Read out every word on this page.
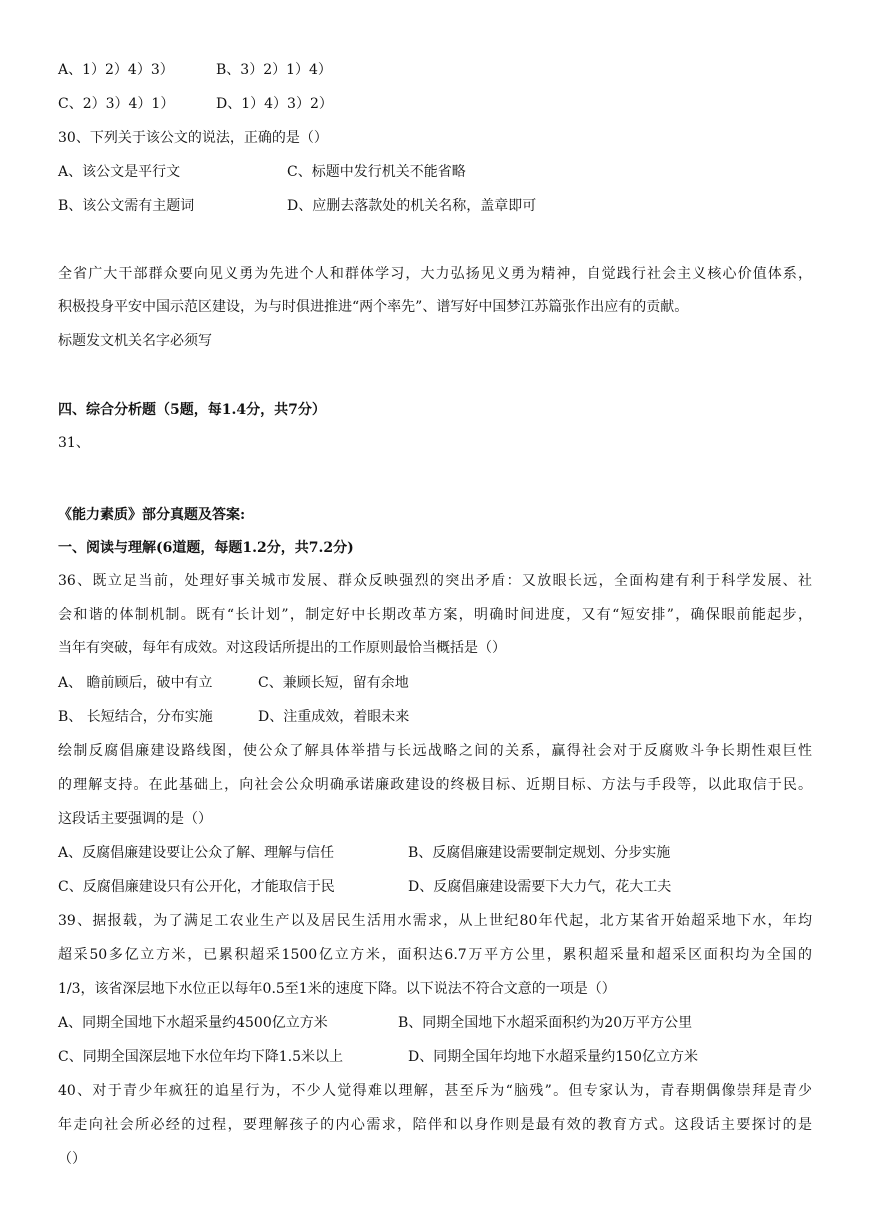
A、1）2）4）3）	B、3）2）1）4）
C、2）3）4）1）	D、1）4）3）2）
30、下列关于该公文的说法，正确的是（）
A、该公文是平行文	C、标题中发行机关不能省略
B、该公文需有主题词	D、应删去落款处的机关名称，盖章即可
全省广大干部群众要向见义勇为先进个人和群体学习，大力弘扬见义勇为精神，自觉践行社会主义核心价值体系，
积极投身平安中国示范区建设，为与时俱进推进“两个率先”、谱写好中国梦江苏篇张作出应有的贡献。
标题发文机关名字必须写
四、综合分析题（5题，每1.4分，共7分）
31、
《能力素质》部分真题及答案:
一、阅读与理解(6道题，每题1.2分，共7.2分)
36、既立足当前，处理好事关城市发展、群众反映强烈的突出矛盾：又放眼长远，全面构建有利于科学发展、社
会和谐的体制机制。既有“长计划”，制定好中长期改革方案，明确时间进度，又有“短安排”，确保眼前能起步，
当年有突破，每年有成效。对这段话所提出的工作原则最恰当概括是（）
A、 瞻前顾后，破中有立	C、兼顾长短，留有余地
B、 长短结合，分布实施	D、注重成效，着眼未来
绘制反腐倡廉建设路线图，使公众了解具体举措与长远战略之间的关系，赢得社会对于反腐败斗争长期性艰巨性
的理解支持。在此基础上，向社会公众明确承诺廉政建设的终极目标、近期目标、方法与手段等，以此取信于民。
这段话主要强调的是（）
A、反腐倡廉建设要让公众了解、理解与信任	B、反腐倡廉建设需要制定规划、分步实施
C、反腐倡廉建设只有公开化，才能取信于民	D、反腐倡廉建设需要下大力气，花大工夫
39、据报载，为了满足工农业生产以及居民生活用水需求，从上世纪80年代起，北方某省开始超采地下水，年均
超采50多亿立方米，已累积超采1500亿立方米，面积达6.7万平方公里，累积超采量和超采区面积均为全国的
1/3，该省深层地下水位正以每年0.5至1米的速度下降。以下说法不符合文意的一项是（）
A、同期全国地下水超采量约4500亿立方米	B、同期全国地下水超采面积约为20万平方公里
C、同期全国深层地下水位年均下降1.5米以上	D、同期全国年均地下水超采量约150亿立方米
40、对于青少年疯狂的追星行为，不少人觉得难以理解，甚至斥为“脑残”。但专家认为，青春期偶像崇拜是青少
年走向社会所必经的过程，要理解孩子的内心需求，陪伴和以身作则是最有效的教育方式。这段话主要探讨的是
（）
